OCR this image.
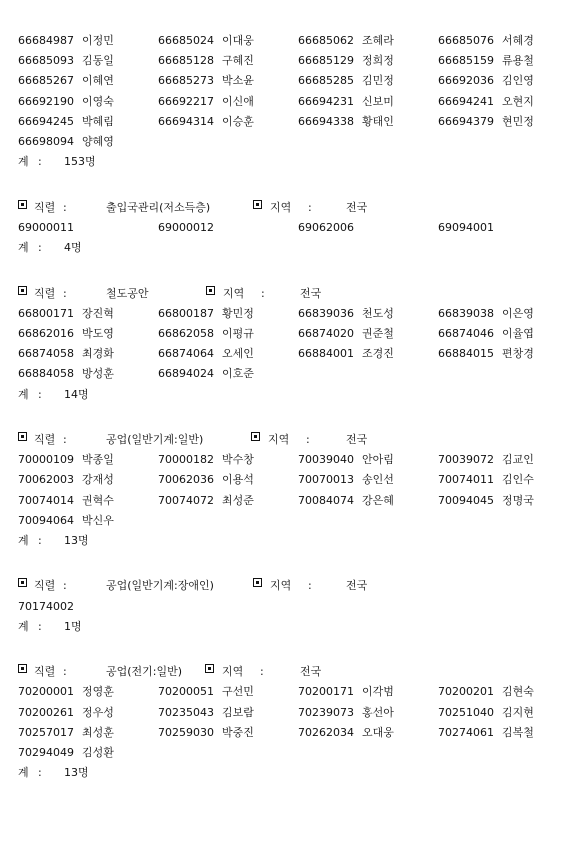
66684987 이정민	66685024 이대웅	66685062 조혜라	66685076 서혜경
66685093 김동일	66685128 구혜진	66685129 정희정	66685159 류용철
66685267 이혜연	66685273 박소윤	66685285 김민정	66692036 김인영
66692190 이영숙	66692217 이신애	66694231 신보미	66694241 오현지
66694245 박혜림	66694314 이승훈	66694338 황태인	66694379 현민정
66698094 양혜영
계 : 153명
직렬 :	출입국관리(저소득층)	지역 :	전국
69000011	69000012	69062006	69094001
계 : 4명
직렬 :	철도공안	지역 :	전국
66800171 장진혁	66800187 황민정	66839036 천도성	66839038 이은영
66862016 박도영	66862058 이평규	66874020 권준철	66874046 이율엽
66874058 최경화	66874064 오세인	66884001 조경진	66884015 편창경
66884058 방성훈	66894024 이호준
계 : 14명
직렬 :	공업(일반기계:일반)	지역 :	전국
70000109 박종일	70000182 박수창	70039040 안아림	70039072 김교인
70062003 강재성	70062036 이용석	70070013 송인선	70074011 김인수
70074014 권혁수	70074072 최성준	70084074 강은혜	70094045 정명국
70094064 박신우
계 : 13명
직렬 :	공업(일반기계:장애인)	지역 :	전국
70174002
계 : 1명
직렬 :	공업(전기:일반)	지역 :	전국
70200001 정영훈	70200051 구선민	70200171 이각범	70200201 김현숙
70200261 정우성	70235043 김보람	70239073 홍선아	70251040 김지현
70257017 최성훈	70259030 박중진	70262034 오대웅	70274061 김복철
70294049 김성환
계 : 13명
